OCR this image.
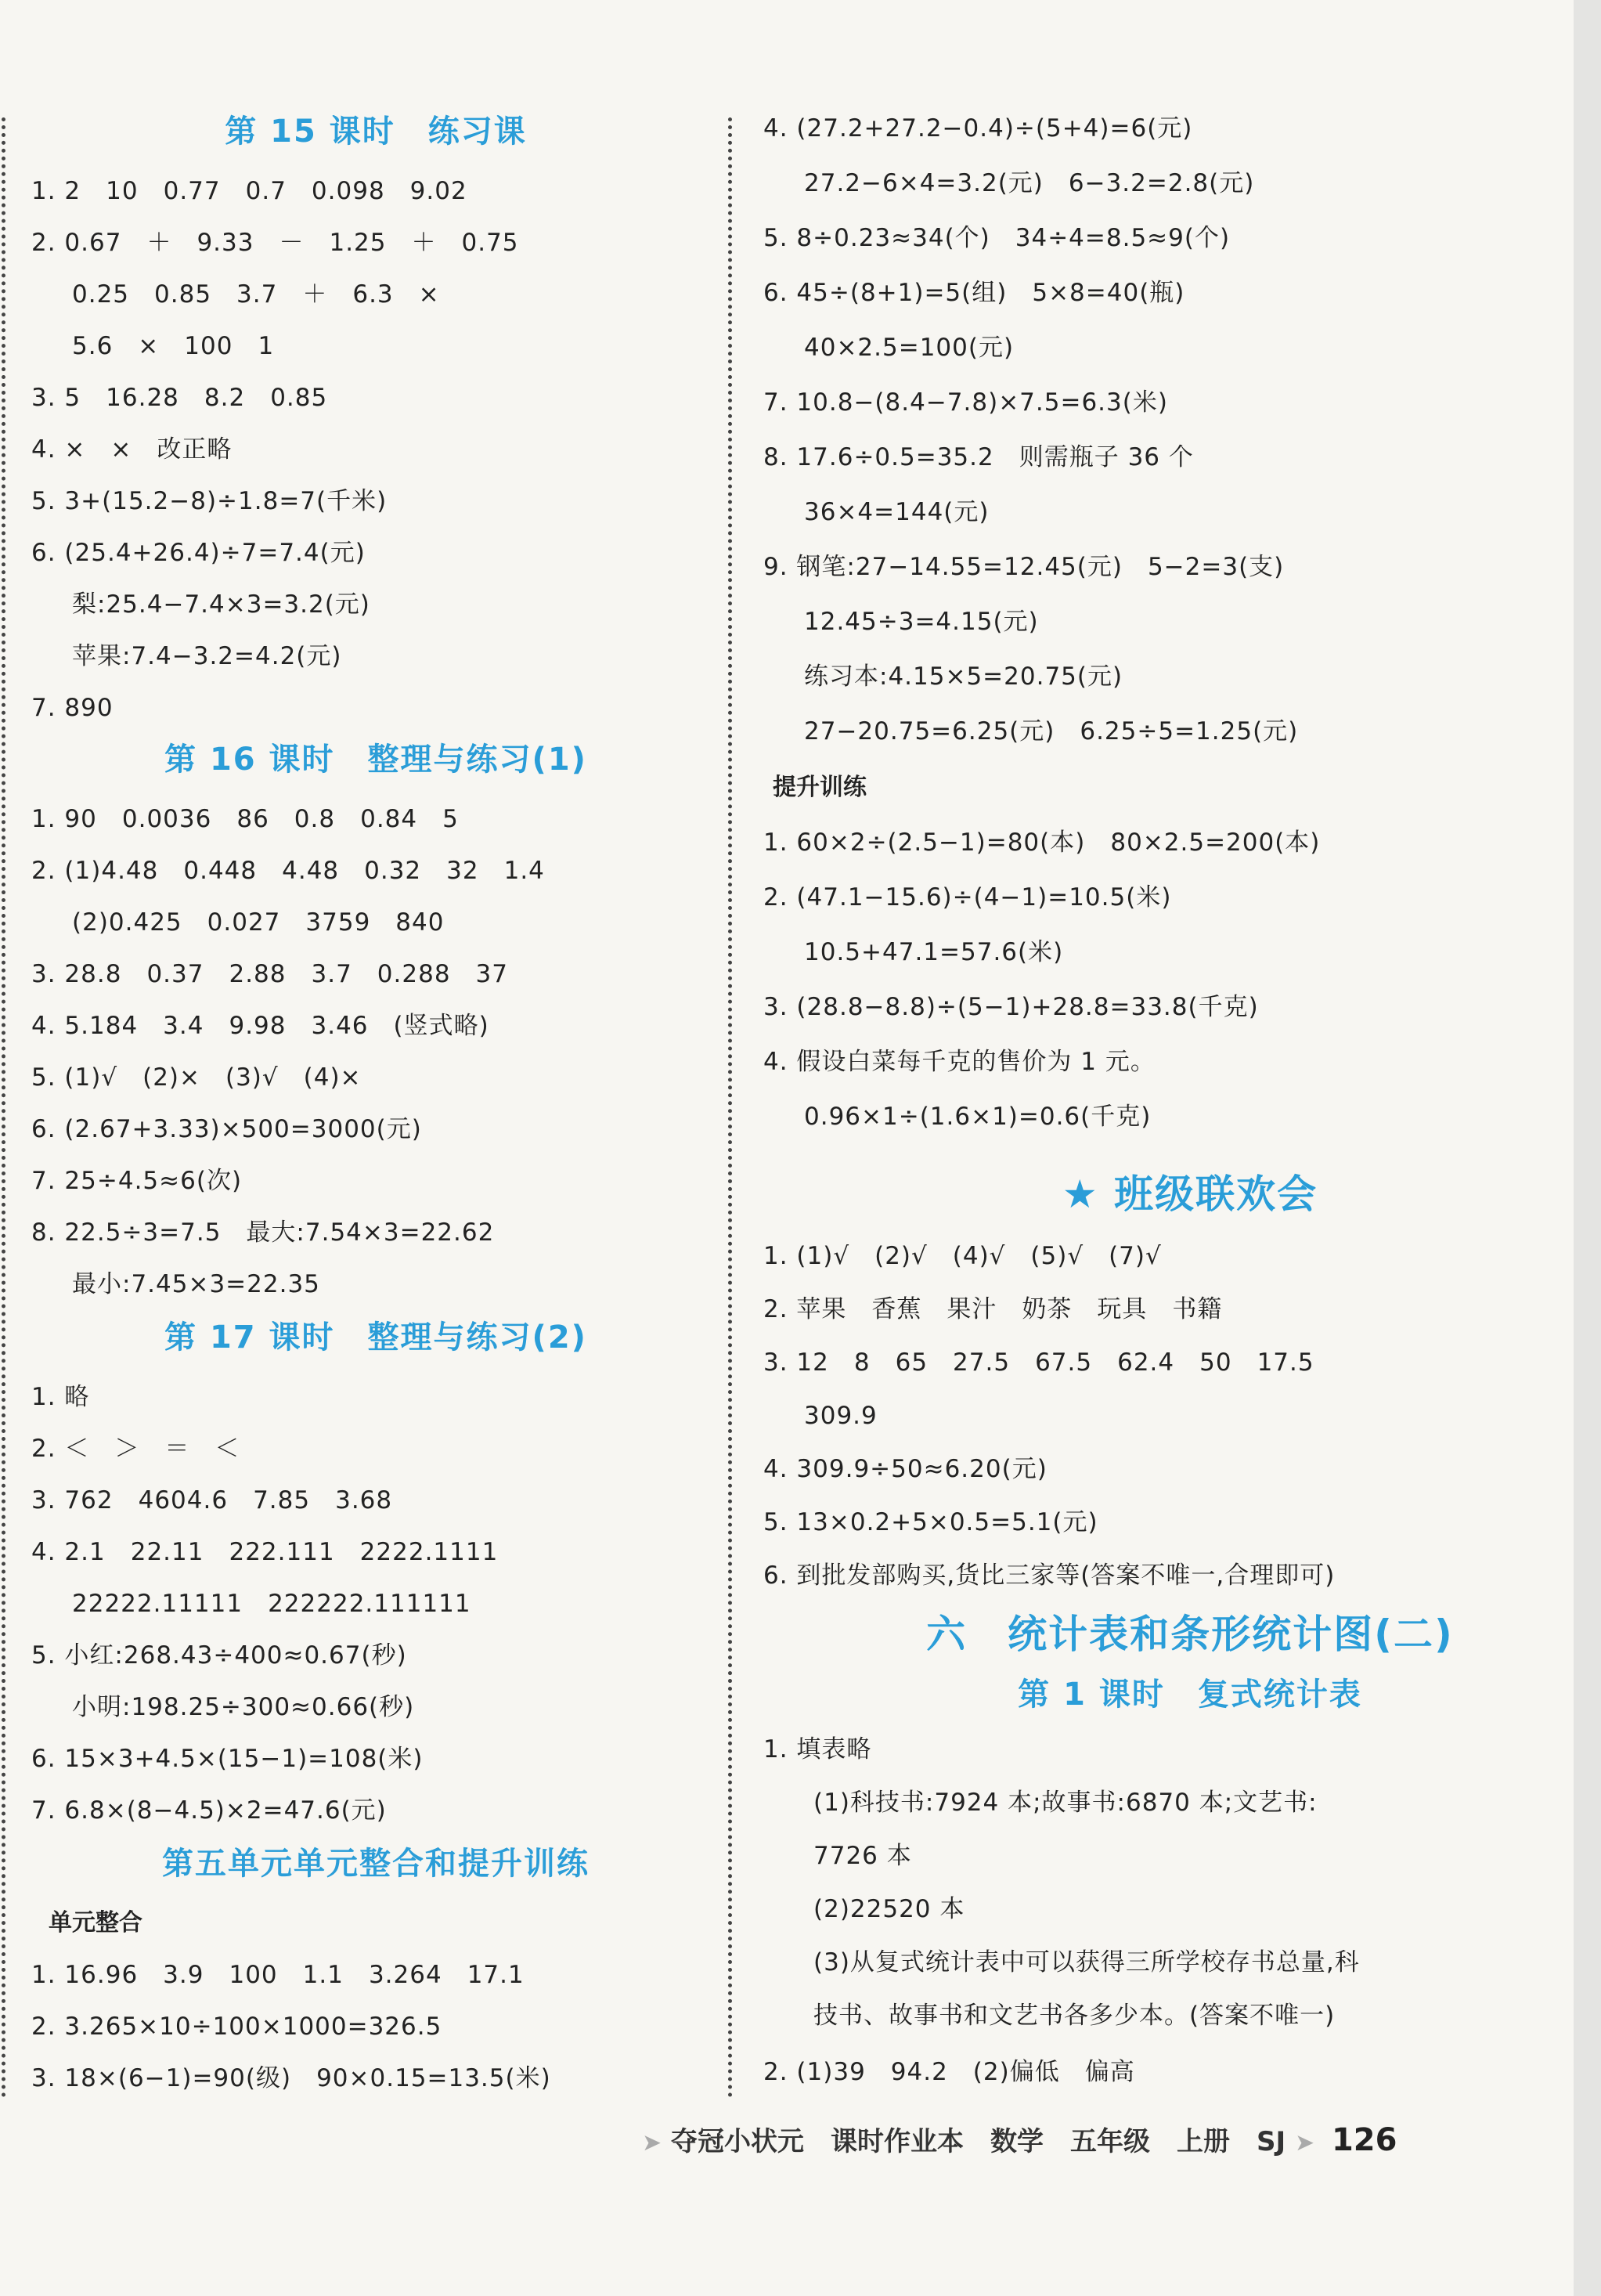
第 15 课时　练习课
1. 2　10　0.77　0.7　0.098　9.02
2. 0.67　＋　9.33　－　1.25　＋　0.75
0.25　0.85　3.7　＋　6.3　×
5.6　×　100　1
3. 5　16.28　8.2　0.85
4. ×　×　改正略
5. 3+(15.2−8)÷1.8=7(千米)
6. (25.4+26.4)÷7=7.4(元)
梨:25.4−7.4×3=3.2(元)
苹果:7.4−3.2=4.2(元)
7. 890
第 16 课时　整理与练习(1)
1. 90　0.0036　86　0.8　0.84　5
2. (1)4.48　0.448　4.48　0.32　32　1.4
(2)0.425　0.027　3759　840
3. 28.8　0.37　2.88　3.7　0.288　37
4. 5.184　3.4　9.98　3.46　(竖式略)
5. (1)√　(2)×　(3)√　(4)×
6. (2.67+3.33)×500=3000(元)
7. 25÷4.5≈6(次)
8. 22.5÷3=7.5　最大:7.54×3=22.62
最小:7.45×3=22.35
第 17 课时　整理与练习(2)
1. 略
2. ＜　＞　＝　＜
3. 762　4604.6　7.85　3.68
4. 2.1　22.11　222.111　2222.1111
22222.11111　222222.111111
5. 小红:268.43÷400≈0.67(秒)
小明:198.25÷300≈0.66(秒)
6. 15×3+4.5×(15−1)=108(米)
7. 6.8×(8−4.5)×2=47.6(元)
第五单元单元整合和提升训练
单元整合
1. 16.96　3.9　100　1.1　3.264　17.1
2. 3.265×10÷100×1000=326.5
3. 18×(6−1)=90(级)　90×0.15=13.5(米)
4. (27.2+27.2−0.4)÷(5+4)=6(元)
27.2−6×4=3.2(元)　6−3.2=2.8(元)
5. 8÷0.23≈34(个)　34÷4=8.5≈9(个)
6. 45÷(8+1)=5(组)　5×8=40(瓶)
40×2.5=100(元)
7. 10.8−(8.4−7.8)×7.5=6.3(米)
8. 17.6÷0.5=35.2　则需瓶子 36 个
36×4=144(元)
9. 钢笔:27−14.55=12.45(元)　5−2=3(支)
12.45÷3=4.15(元)
练习本:4.15×5=20.75(元)
27−20.75=6.25(元)　6.25÷5=1.25(元)
提升训练
1. 60×2÷(2.5−1)=80(本)　80×2.5=200(本)
2. (47.1−15.6)÷(4−1)=10.5(米)
10.5+47.1=57.6(米)
3. (28.8−8.8)÷(5−1)+28.8=33.8(千克)
4. 假设白菜每千克的售价为 1 元。
0.96×1÷(1.6×1)=0.6(千克)
★ 班级联欢会
1. (1)√　(2)√　(4)√　(5)√　(7)√
2. 苹果　香蕉　果汁　奶茶　玩具　书籍
3. 12　8　65　27.5　67.5　62.4　50　17.5
309.9
4. 309.9÷50≈6.20(元)
5. 13×0.2+5×0.5=5.1(元)
6. 到批发部购买,货比三家等(答案不唯一,合理即可)
六　统计表和条形统计图(二)
第 1 课时　复式统计表
1. 填表略
(1)科技书:7924 本;故事书:6870 本;文艺书:
7726 本
(2)22520 本
(3)从复式统计表中可以获得三所学校存书总量,科
技书、故事书和文艺书各多少本。(答案不唯一)
2. (1)39　94.2　(2)偏低　偏高
➤ 夺冠小状元　课时作业本　数学　五年级　上册　SJ ➤ 126
